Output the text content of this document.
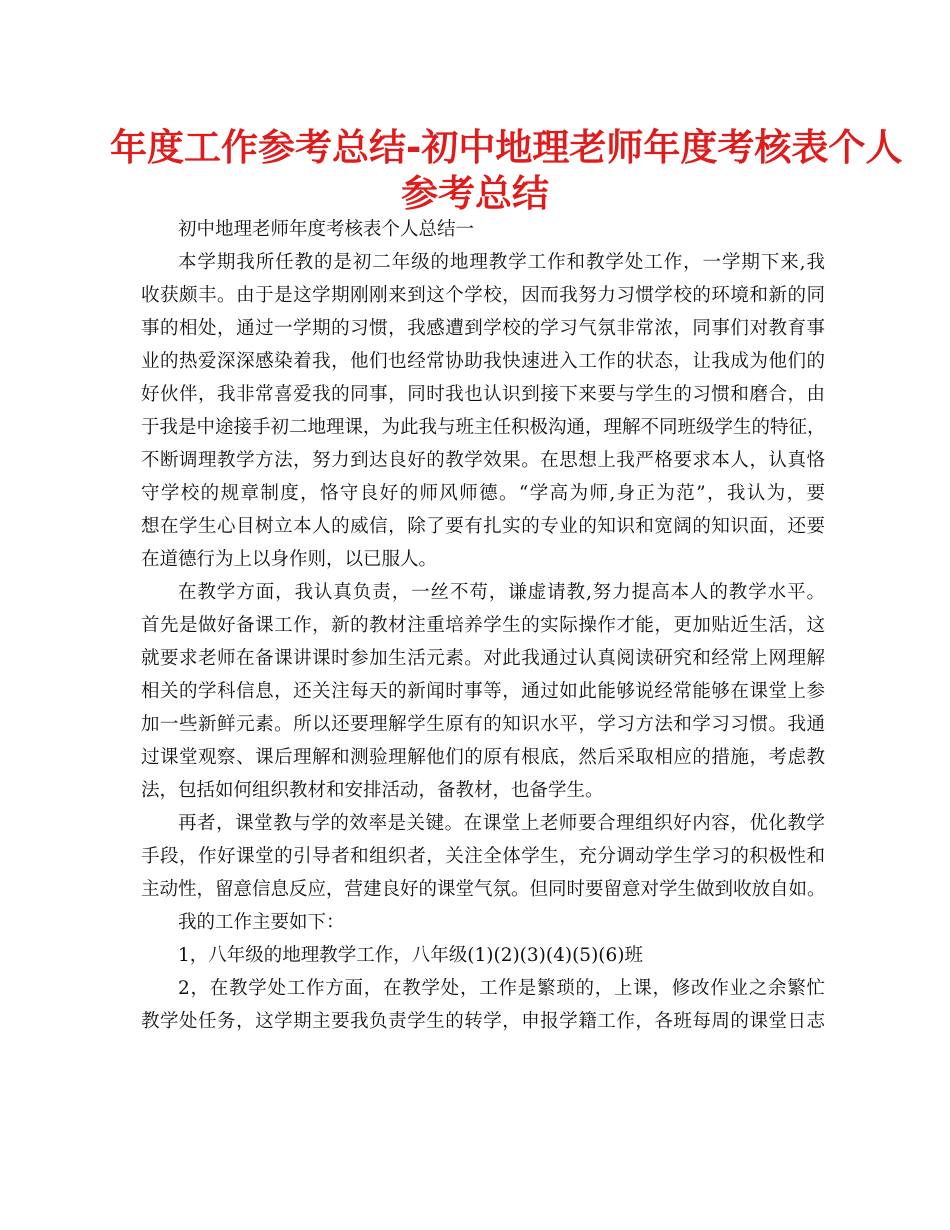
年度工作参考总结-初中地理老师年度考核表个人
参考总结
初中地理老师年度考核表个人总结一
本学期我所任教的是初二年级的地理教学工作和教学处工作，一学期下来,我
收获颇丰。由于是这学期刚刚来到这个学校，因而我努力习惯学校的环境和新的同
事的相处，通过一学期的习惯，我感遭到学校的学习气氛非常浓，同事们对教育事
业的热爱深深感染着我，他们也经常协助我快速进入工作的状态，让我成为他们的
好伙伴，我非常喜爱我的同事，同时我也认识到接下来要与学生的习惯和磨合，由
于我是中途接手初二地理课，为此我与班主任积极沟通，理解不同班级学生的特征，
不断调理教学方法，努力到达良好的教学效果。在思想上我严格要求本人，认真恪
守学校的规章制度，恪守良好的师风师德。“学高为师,身正为范”，我认为，要
想在学生心目树立本人的威信，除了要有扎实的专业的知识和宽阔的知识面，还要
在道德行为上以身作则，以已服人。
在教学方面，我认真负责，一丝不苟，谦虚请教,努力提高本人的教学水平。
首先是做好备课工作，新的教材注重培养学生的实际操作才能，更加贴近生活，这
就要求老师在备课讲课时参加生活元素。对此我通过认真阅读研究和经常上网理解
相关的学科信息，还关注每天的新闻时事等，通过如此能够说经常能够在课堂上参
加一些新鲜元素。所以还要理解学生原有的知识水平，学习方法和学习习惯。我通
过课堂观察、课后理解和测验理解他们的原有根底，然后采取相应的措施，考虑教
法，包括如何组织教材和安排活动，备教材，也备学生。
再者，课堂教与学的效率是关键。在课堂上老师要合理组织好内容，优化教学
手段，作好课堂的引导者和组织者，关注全体学生，充分调动学生学习的积极性和
主动性，留意信息反应，营建良好的课堂气氛。但同时要留意对学生做到收放自如。
我的工作主要如下：
1，八年级的地理教学工作，八年级(1)(2)(3)(4)(5)(6)班
2，在教学处工作方面，在教学处，工作是繁琐的，上课，修改作业之余繁忙
教学处任务，这学期主要我负责学生的转学，申报学籍工作，各班每周的课堂日志
